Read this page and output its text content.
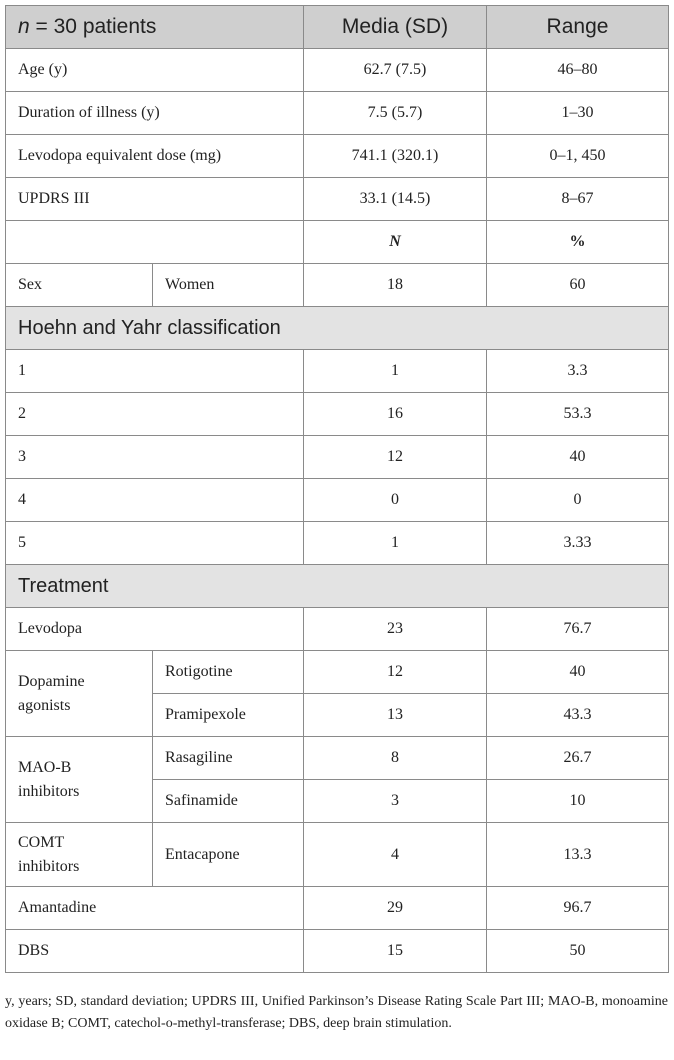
n = 30 patients		Media (SD)	Range
Age (y)		62.7 (7.5)	46–80
Duration of illness (y)		7.5 (5.7)	1–30
Levodopa equivalent dose (mg)		741.1 (320.1)	0–1, 450
UPDRS III		33.1 (14.5)	8–67
		N	%
Sex	Women	18	60
Hoehn and Yahr classification			
1		1	3.3
2		16	53.3
3		12	40
4		0	0
5		1	3.33
Treatment			
Levodopa		23	76.7
Dopamine
agonists	Rotigotine	12	40
	Pramipexole	13	43.3
MAO-B
inhibitors	Rasagiline	8	26.7
	Safinamide	3	10
COMT
inhibitors	Entacapone	4	13.3
Amantadine		29	96.7
DBS		15	50
y, years; SD, standard deviation; UPDRS III, Unified Parkinson’s Disease Rating Scale Part III; MAO-B, monoamine oxidase B; COMT, catechol-o-methyl-transferase; DBS, deep brain stimulation.
